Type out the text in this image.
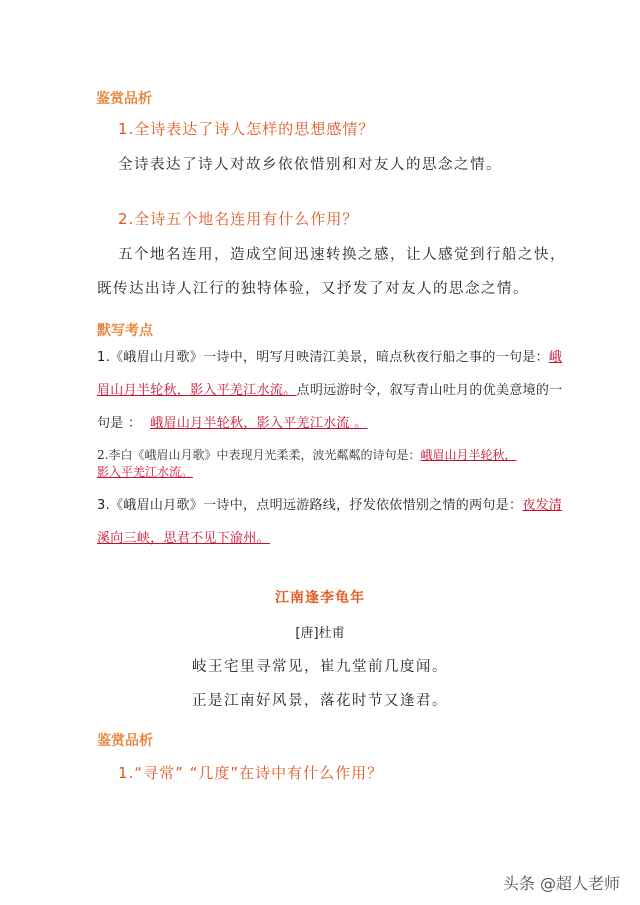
鉴赏品析
1.全诗表达了诗人怎样的思想感情？
全诗表达了诗人对故乡依依惜别和对友人的思念之情。
2.全诗五个地名连用有什么作用？
五个地名连用，造成空间迅速转换之感，让人感觉到行船之快，
既传达出诗人江行的独特体验，又抒发了对友人的思念之情。
默写考点
1.《峨眉山月歌》一诗中，明写月映清江美景，暗点秋夜行船之事的一句是：峨
眉山月半轮秋，影入平羌江水流。点明远游时令，叙写青山吐月的优美意境的一
句是 ： 峨眉山月半轮秋，影入平羌江水流 。
2.李白《峨眉山月歌》中表现月光柔柔，波光粼粼的诗句是：峨眉山月半轮秋，
影入平羌江水流。
3.《峨眉山月歌》一诗中，点明远游路线，抒发依依惜别之情的两句是：夜发清
溪向三峡，思君不见下渝州。
江南逢李龟年
[唐]杜甫
岐王宅里寻常见，崔九堂前几度闻。
正是江南好风景，落花时节又逢君。
鉴赏品析
1.“寻常” “几度”在诗中有什么作用？
头条 @超人老师
